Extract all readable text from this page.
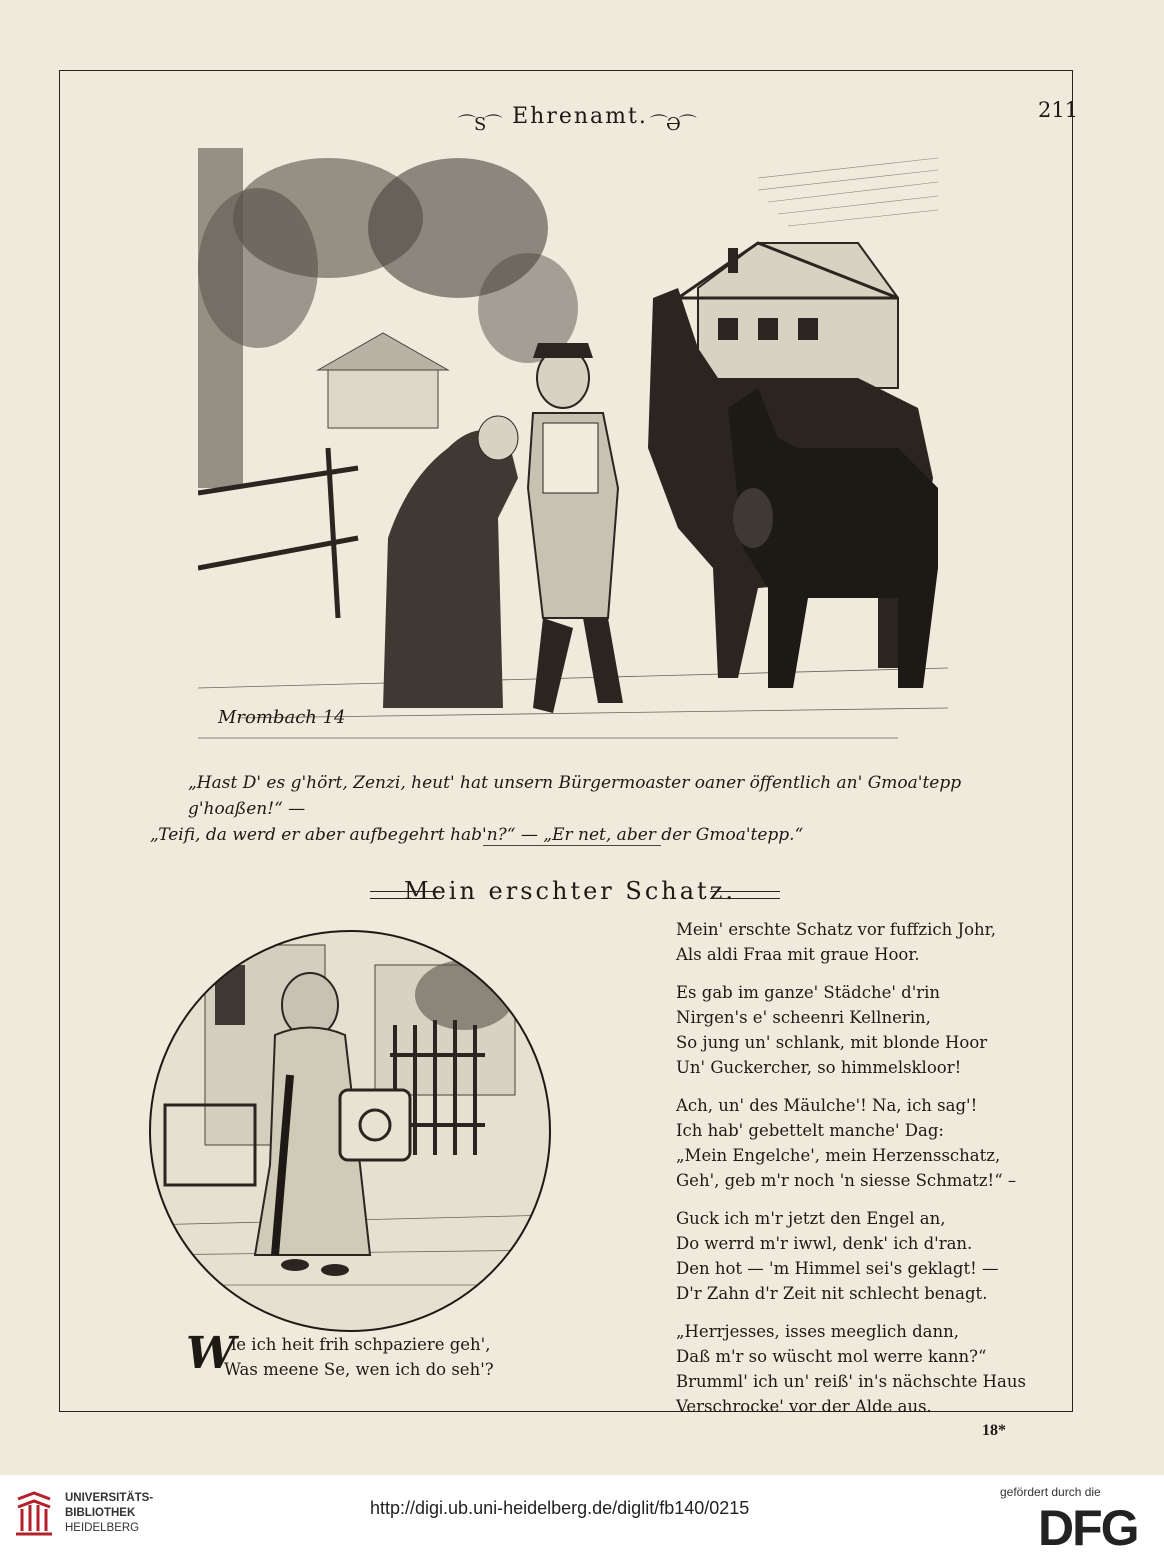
⌒S⌒ Ehrenamt. ⌒Ə⌒
211
Mrombach 14

„Hast D' es g'hört, Zenzi, heut' hat unsern Bürgermoaster oaner öffentlich an' Gmoa'tepp g'hoaßen!“ —

„Teifi, da werd er aber aufbegehrt hab'n?“ — „Er net, aber der Gmoa'tepp.“

Mein erschter Schatz.
Mein' erschte Schatz vor fuffzich Johr,
Als aldi Fraa mit graue Hoor.
Es gab im ganze' Städche' d'rin
Nirgen's e' scheenri Kellnerin,
So jung un' schlank, mit blonde Hoor
Un' Guckercher, so himmelskloor!
Ach, un' des Mäulche'! Na, ich sag'!
Ich hab' gebettelt manche' Dag:
„Mein Engelche', mein Herzensschatz,
Geh', geb m'r noch 'n siesse Schmatz!“ –
Guck ich m'r jetzt den Engel an,
Do werrd m'r iwwl, denk' ich d'ran.
Den hot — 'm Himmel sei's geklagt! —
D'r Zahn d'r Zeit nit schlecht benagt.
„Herrjesses, isses meeglich dann,
Daß m'r so wüscht mol werre kann?“
Brumml' ich un' reiß' in's nächschte Haus
Verschrocke' vor der Alde aus.
W
ie ich heit frih schpaziere geh',
Was meene Se, wen ich do seh'?
18*
UNIVERSITÄTS-
BIBLIOTHEK
HEIDELBERG
http://digi.ub.uni-heidelberg.de/diglit/fb140/0215
gefördert durch die
DFG
